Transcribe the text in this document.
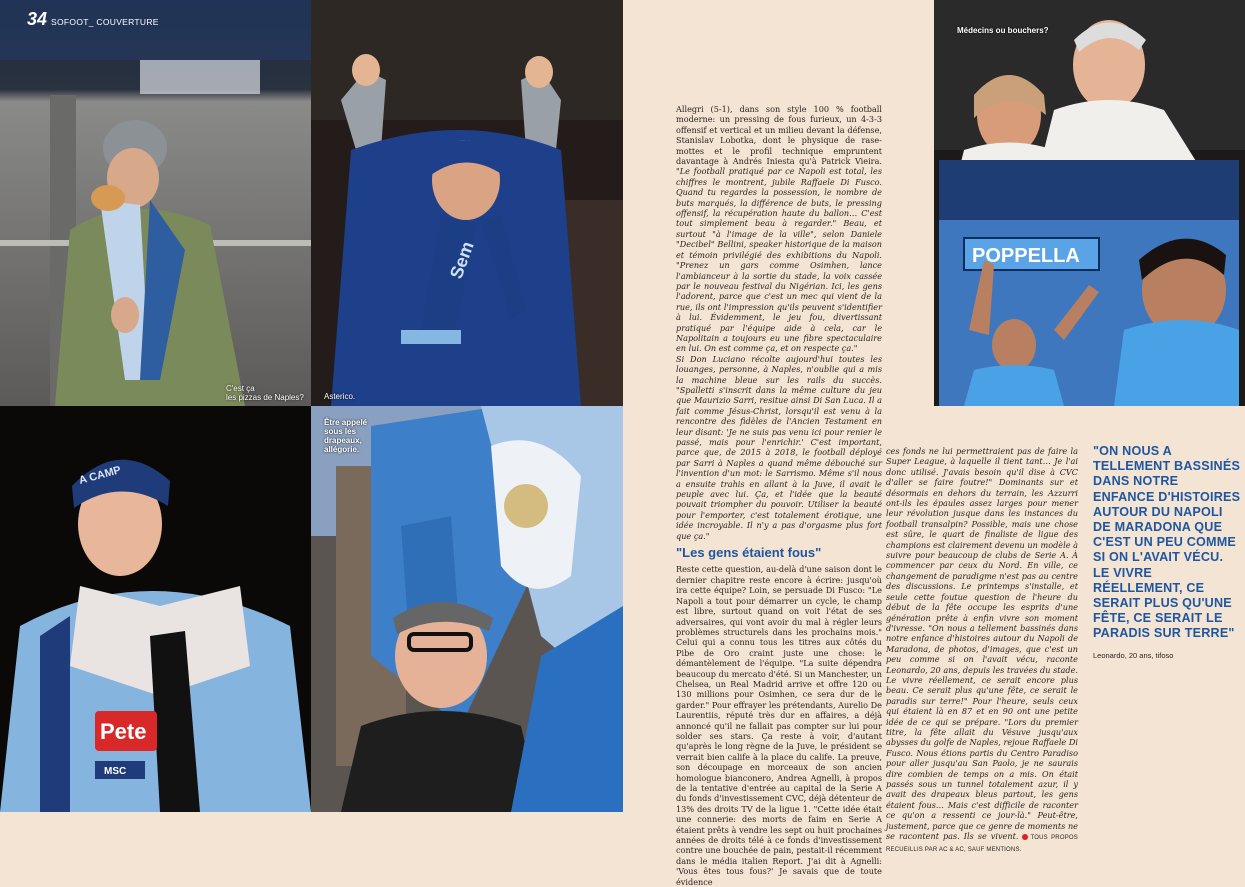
C'est ça
les pizzas de Naples?
34 SOFOOT_ COUVERTURE
Sem
Asterico.
A CAMP
Pete
MSC
Être appelé
sous les
drapeaux,
allégorie.
POPPELLA
Médecins ou bouchers?

Allegri (5-1), dans son style 100 % football moderne: un pressing de fous furieux, un 4-3-3 offensif et vertical et un milieu devant la défense, Stanislav Lobotka, dont le physique de rase-mottes et le profil technique empruntent davantage à Andrés Iniesta qu'à Patrick Vieira. "Le football pratiqué par ce Napoli est total, les chiffres le montrent, jubile Raffaele Di Fusco. Quand tu regardes la possession, le nombre de buts marqués, la différence de buts, le pressing offensif, la récupération haute du ballon… C'est tout simplement beau à regarder." Beau, et surtout "à l'image de la ville", selon Daniele "Decibel" Bellini, speaker historique de la maison et témoin privilégié des exhibitions du Napoli. "Prenez un gars comme Osimhen, lance l'ambianceur à la sortie du stade, la voix cassée par le nouveau festival du Nigérian. Ici, les gens l'adorent, parce que c'est un mec qui vient de la rue, ils ont l'impression qu'ils peuvent s'identifier à lui. Évidemment, le jeu fou, divertissant pratiqué par l'équipe aide à cela, car le Napolitain a toujours eu une fibre spectaculaire en lui. On est comme ça, et on respecte ça."

Si Don Luciano récolte aujourd'hui toutes les louanges, personne, à Naples, n'oublie qui a mis la machine bleue sur les rails du succès. "Spalletti s'inscrit dans la même culture du jeu que Maurizio Sarri, resitue ainsi Di San Luca. Il a fait comme Jésus-Christ, lorsqu'il est venu à la rencontre des fidèles de l'Ancien Testament en leur disant: 'Je ne suis pas venu ici pour renier le passé, mais pour l'enrichir.' C'est important, parce que, de 2015 à 2018, le football déployé par Sarri à Naples a quand même débouché sur l'invention d'un mot: le Sarrismo. Même s'il nous a ensuite trahis en allant à la Juve, il avait le peuple avec lui. Ça, et l'idée que la beauté pouvait triompher du pouvoir. Utiliser la beauté pour l'emporter, c'est totalement érotique, une idée incroyable. Il n'y a pas d'orgasme plus fort que ça."

"Les gens étaient fous"

Reste cette question, au-delà d'une saison dont le dernier chapitre reste encore à écrire: jusqu'où ira cette équipe? Loin, se persuade Di Fusco: "Le Napoli a tout pour démarrer un cycle, le champ est libre, surtout quand on voit l'état de ses adversaires, qui vont avoir du mal à régler leurs problèmes structurels dans les prochains mois." Celui qui a connu tous les titres aux côtés du Pibe de Oro craint juste une chose: le démantèlement de l'équipe. "La suite dépendra beaucoup du mercato d'été. Si un Manchester, un Chelsea, un Real Madrid arrive et offre 120 ou 130 millions pour Osimhen, ce sera dur de le garder." Pour effrayer les prétendants, Aurelio De Laurentiis, réputé très dur en affaires, a déjà annoncé qu'il ne fallait pas compter sur lui pour solder ses stars. Ça reste à voir, d'autant qu'après le long règne de la Juve, le président se verrait bien calife à la place du calife. La preuve, son découpage en morceaux de son ancien homologue bianconero, Andrea Agnelli, à propos de la tentative d'entrée au capital de la Serie A du fonds d'investissement CVC, déjà détenteur de 13% des droits TV de la ligue 1. "Cette idée était une connerie: des morts de faim en Serie A étaient prêts à vendre les sept ou huit prochaines années de droits télé à ce fonds d'investissement contre une bouchée de pain, pestait-il récemment dans le média italien Report. J'ai dit à Agnelli: 'Vous êtes tous fous?' Je savais que de toute évidence

ces fonds ne lui permettraient pas de faire la Super League, à laquelle il tient tant… Je l'ai donc utilisé. J'avais besoin qu'il dise à CVC d'aller se faire foutre!" Dominants sur et désormais en dehors du terrain, les Azzurri ont-ils les épaules assez larges pour mener leur révolution jusque dans les instances du football transalpin? Possible, mais une chose est sûre, le quart de finaliste de ligue des champions est clairement devenu un modèle à suivre pour beaucoup de clubs de Serie A. À commencer par ceux du Nord. En ville, ce changement de paradigme n'est pas au centre des discussions. Le printemps s'installe, et seule cette foutue question de l'heure du début de la fête occupe les esprits d'une génération prête à enfin vivre son moment d'ivresse. "On nous a tellement bassinés dans notre enfance d'histoires autour du Napoli de Maradona, de photos, d'images, que c'est un peu comme si on l'avait vécu, raconte Leonardo, 20 ans, depuis les travées du stade. Le vivre réellement, ce serait encore plus beau. Ce serait plus qu'une fête, ce serait le paradis sur terre!" Pour l'heure, seuls ceux qui étaient là en 87 et en 90 ont une petite idée de ce qui se prépare. "Lors du premier titre, la fête allait du Vésuve jusqu'aux abysses du golfe de Naples, rejoue Raffaele Di Fusco. Nous étions partis du Centro Paradiso pour aller jusqu'au San Paolo, je ne saurais dire combien de temps on a mis. On était passés sous un tunnel totalement azur, il y avait des drapeaux bleus partout, les gens étaient fous… Mais c'est difficile de raconter ce qu'on a ressenti ce jour-là." Peut-être, justement, parce que ce genre de moments ne se racontent pas. Ils se vivent. TOUS PROPOS RECUEILLIS PAR AC & AC, SAUF MENTIONS.

"ON NOUS A TELLEMENT BASSINÉS DANS NOTRE ENFANCE D'HISTOIRES AUTOUR DU NAPOLI DE MARADONA QUE C'EST UN PEU COMME SI ON L'AVAIT VÉCU. LE VIVRE RÉELLEMENT, CE SERAIT PLUS QU'UNE FÊTE, CE SERAIT LE PARADIS SUR TERRE"
Leonardo, 20 ans, tifoso
